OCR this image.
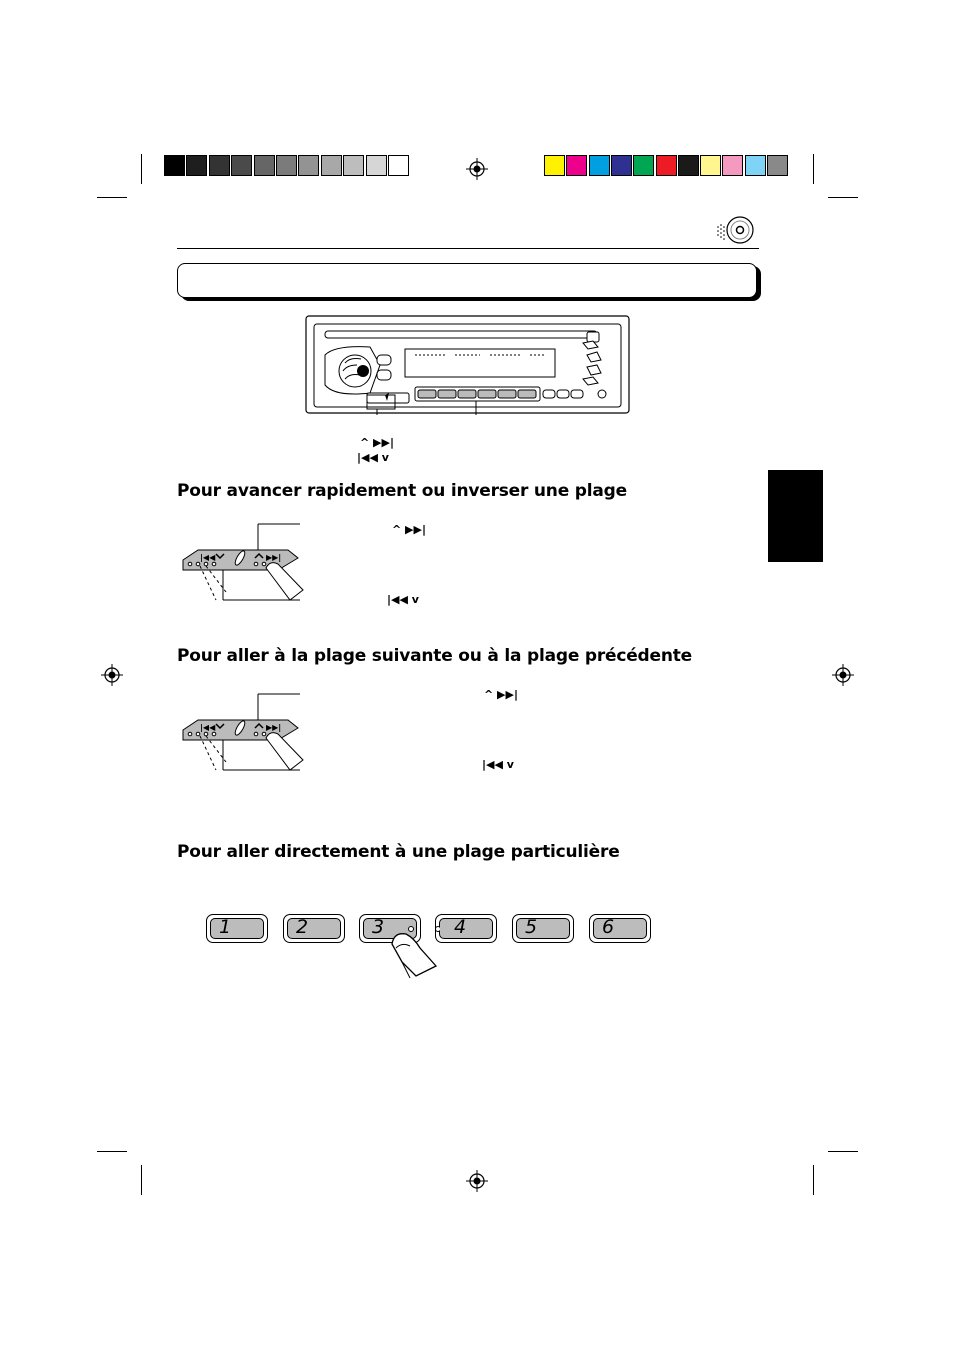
^ ▶▶|
|◀◀ v
Pour avancer rapidement ou inverser une plage
|◀◀	▶▶|
^ ▶▶|
|◀◀ v
Pour aller à la plage suivante ou à la plage précédente
|◀◀	▶▶|
^ ▶▶|
|◀◀ v
Pour aller directement à une plage particulière
1	2	3	4	5	6
